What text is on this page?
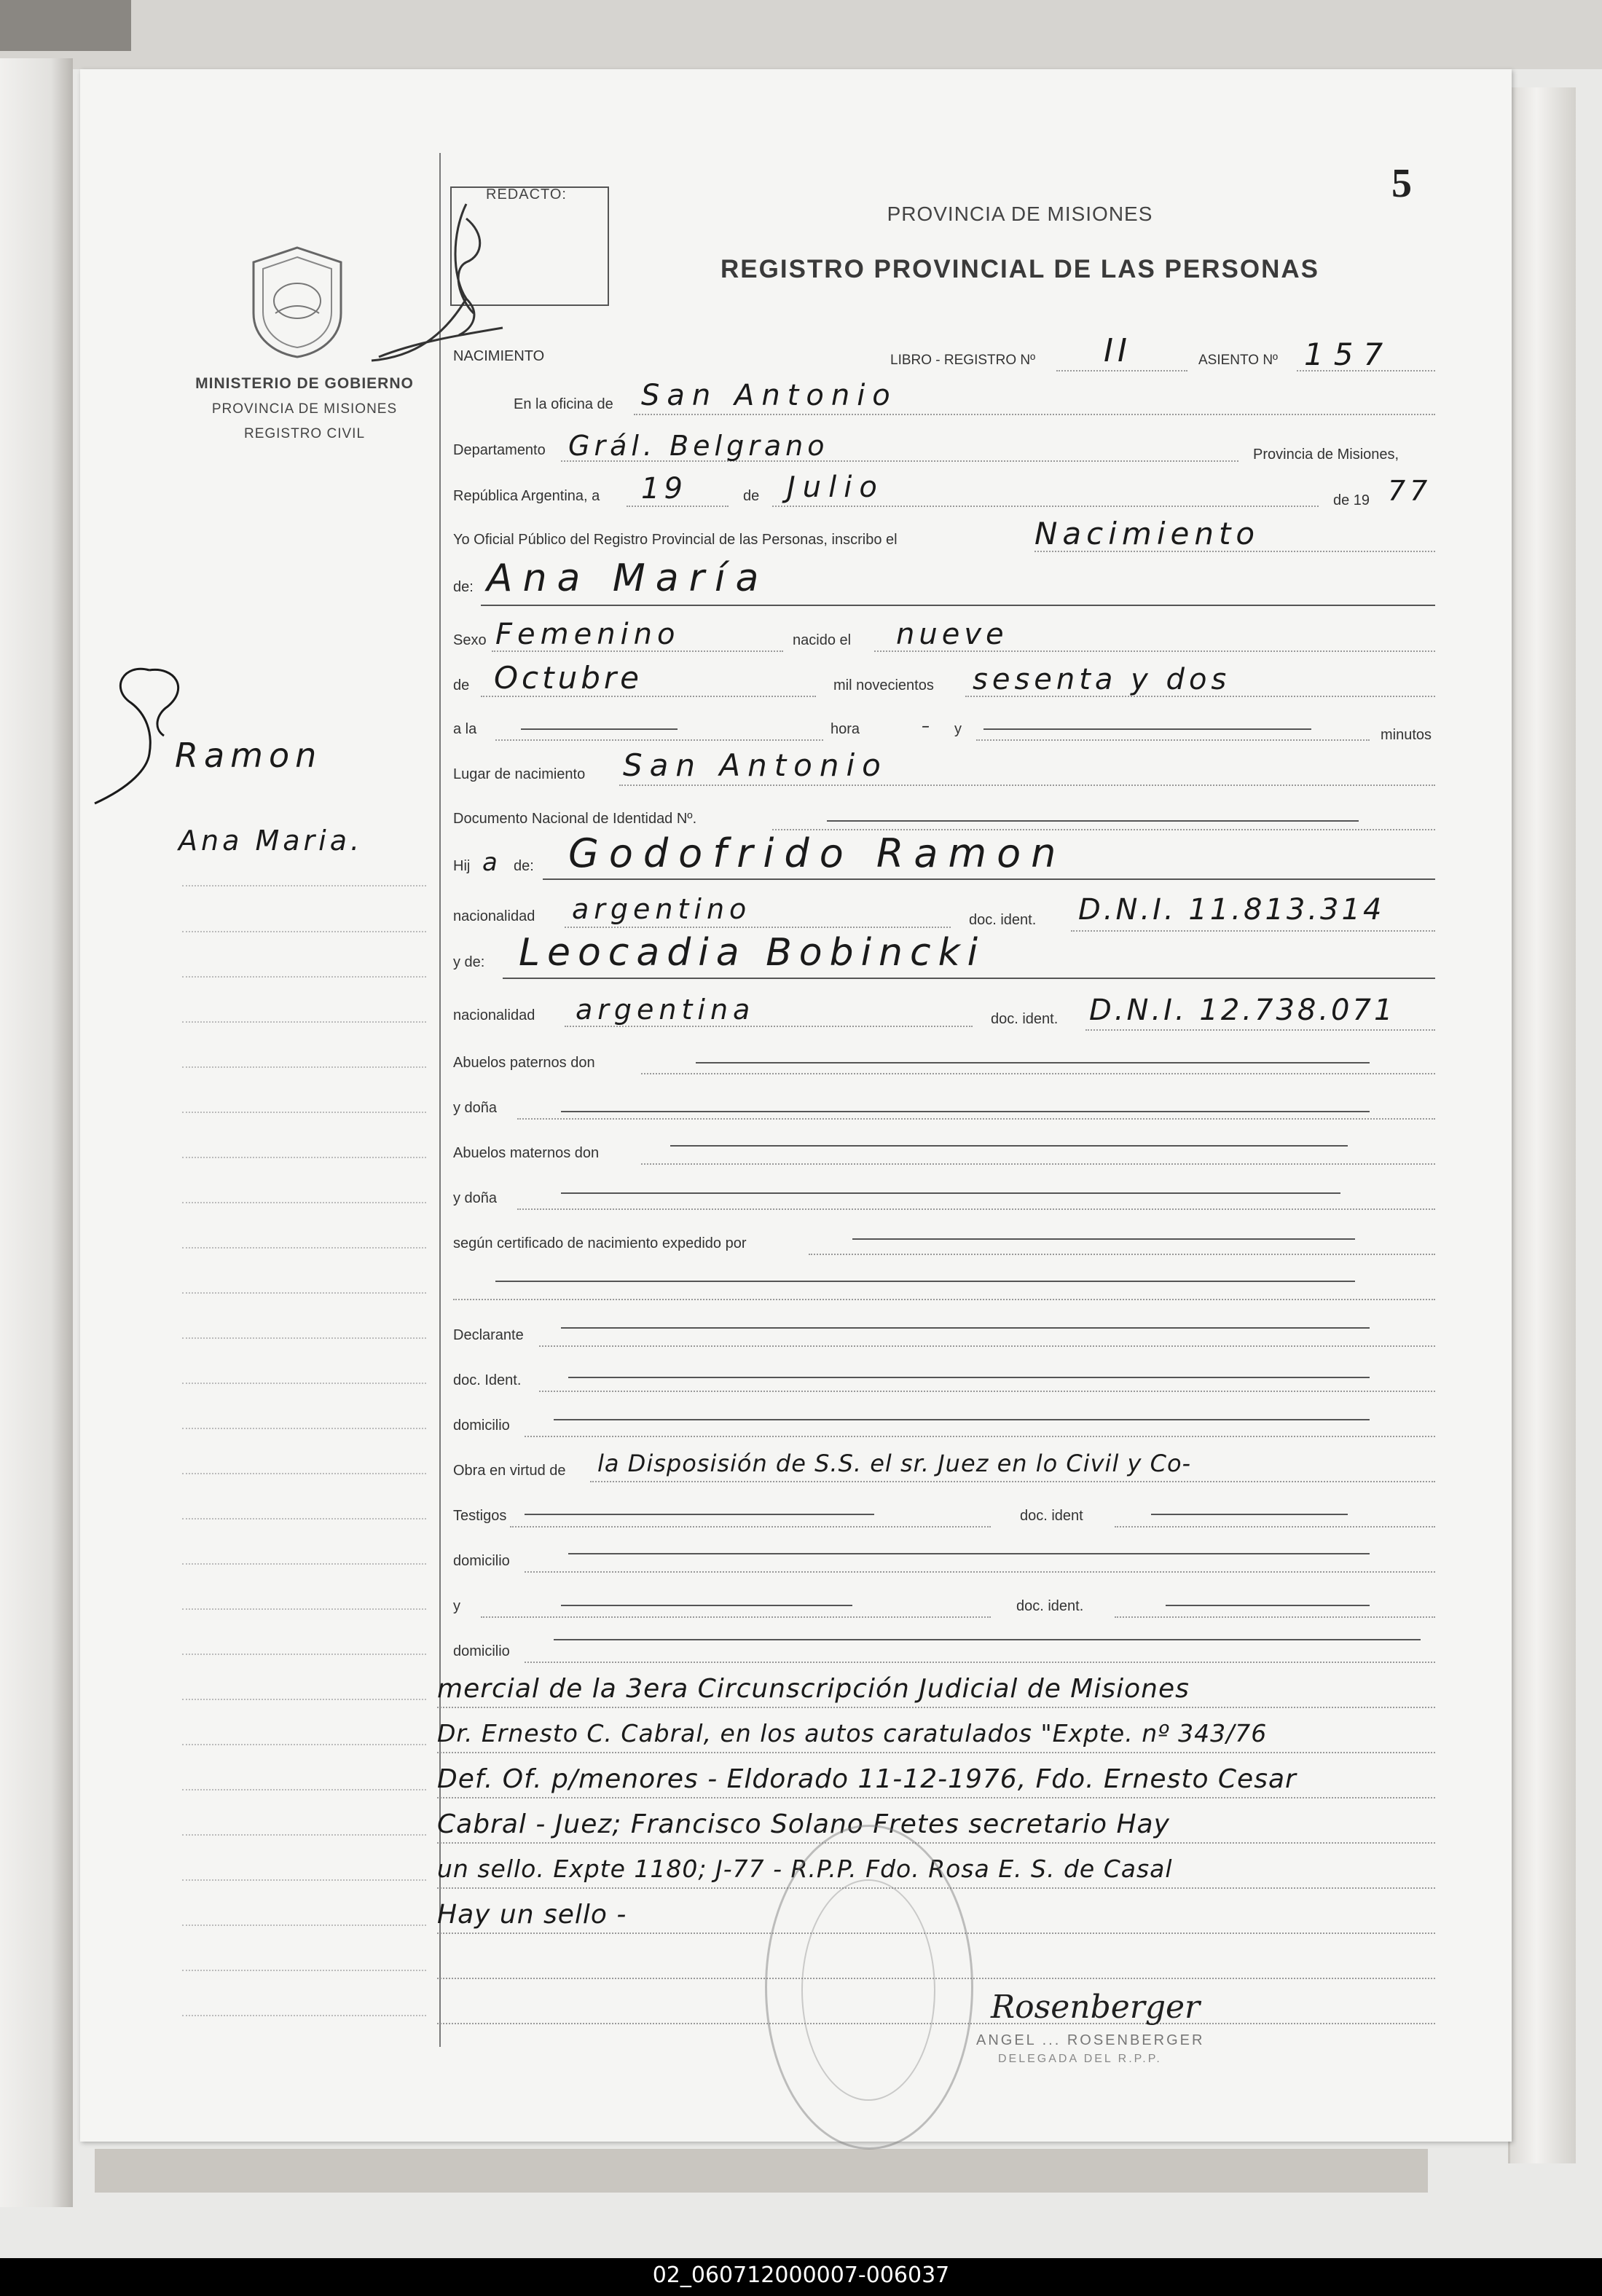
5
REDACTO:
PROVINCIA DE MISIONES
REGISTRO PROVINCIAL DE LAS PERSONAS
MINISTERIO DE GOBIERNO
PROVINCIA DE MISIONES
REGISTRO CIVIL
Ramon
Ana Maria.
NACIMIENTO	LIBRO - REGISTRO Nº II	ASIENTO Nº 157
En la oficina de San Antonio
Departamento Grál. Belgrano	Provincia de Misiones,
República Argentina, a 19	de Julio	de 19 77
Yo Oficial Público del Registro Provincial de las Personas, inscribo el	Nacimiento
de: Ana María
Sexo Femenino	nacido el nueve
de Octubre	mil novecientos sesenta y dos
a la	hora	– y	minutos
Lugar de nacimiento San Antonio
Documento Nacional de Identidad Nº.
Hij a de: Godofrido Ramon
nacionalidad argentino	doc. ident. D.N.I. 11.813.314
y de: Leocadia Bobincki
nacionalidad argentina	doc. ident. D.N.I. 12.738.071
Abuelos paternos don
y doña
Abuelos maternos don
y doña
según certificado de nacimiento expedido por
Declarante
doc. Ident.
domicilio
Obra en virtud de la Disposisión de S.S. el sr. Juez en lo Civil y Co-
Testigos	doc. ident
domicilio
y	doc. ident.
domicilio
mercial de la 3era Circunscripción Judicial de Misiones
Dr. Ernesto C. Cabral, en los autos caratulados "Expte. nº 343/76
Def. Of. p/menores - Eldorado 11-12-1976, Fdo. Ernesto Cesar
Cabral - Juez; Francisco Solano Fretes secretario Hay
un sello. Expte 1180; J-77 - R.P.P. Fdo. Rosa E. S. de Casal
Hay un sello -
Rosenberger
ANGEL ... ROSENBERGER
DELEGADA DEL R.P.P.
02_060712000007-006037
